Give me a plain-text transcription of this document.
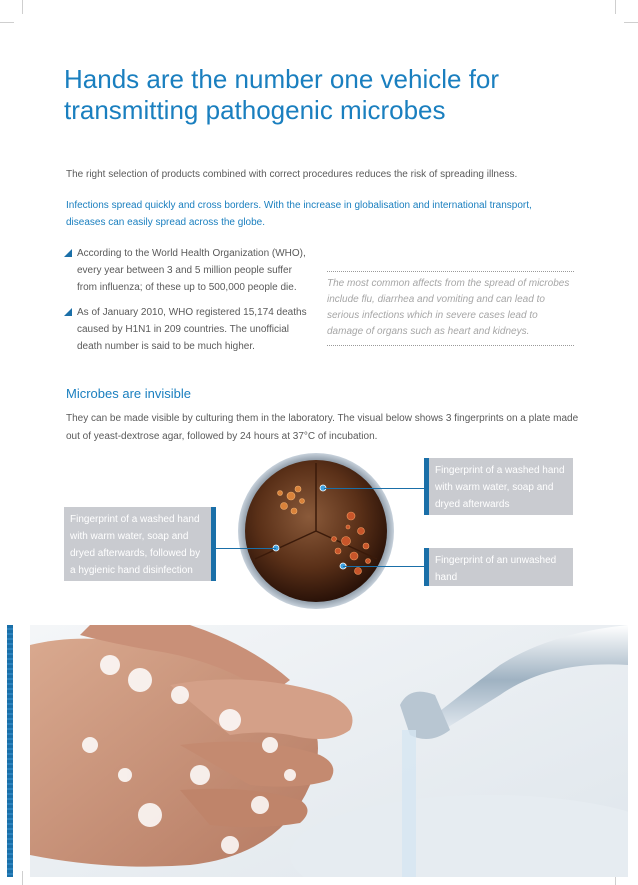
Hands are the number one vehicle for transmitting pathogenic microbes
The right selection of products combined with correct procedures reduces the risk of spreading illness.
Infections spread quickly and cross borders. With the increase in globalisation and international transport, diseases can easily spread across the globe.
According to the World Health Organization (WHO), every year between 3 and 5 million people suffer from influenza; of these up to 500,000 people die.
As of January 2010, WHO registered 15,174 deaths caused by H1N1 in 209 countries. The unofficial death number is said to be much higher.
The most common affects from the spread of microbes include flu, diarrhea and vomiting and can lead to serious infections which in severe cases lead to damage of organs such as heart and kidneys.
Microbes are invisible
They can be made visible by culturing them in the laboratory. The visual below shows 3 fingerprints on a plate made out of yeast-dextrose agar, followed by 24 hours at 37°C of incubation.
Fingerprint of a washed hand with warm water, soap and dryed afterwards
Fingerprint of a washed hand with warm water, soap and dryed afterwards, followed by a hygienic hand disinfection
Fingerprint of an unwashed hand
